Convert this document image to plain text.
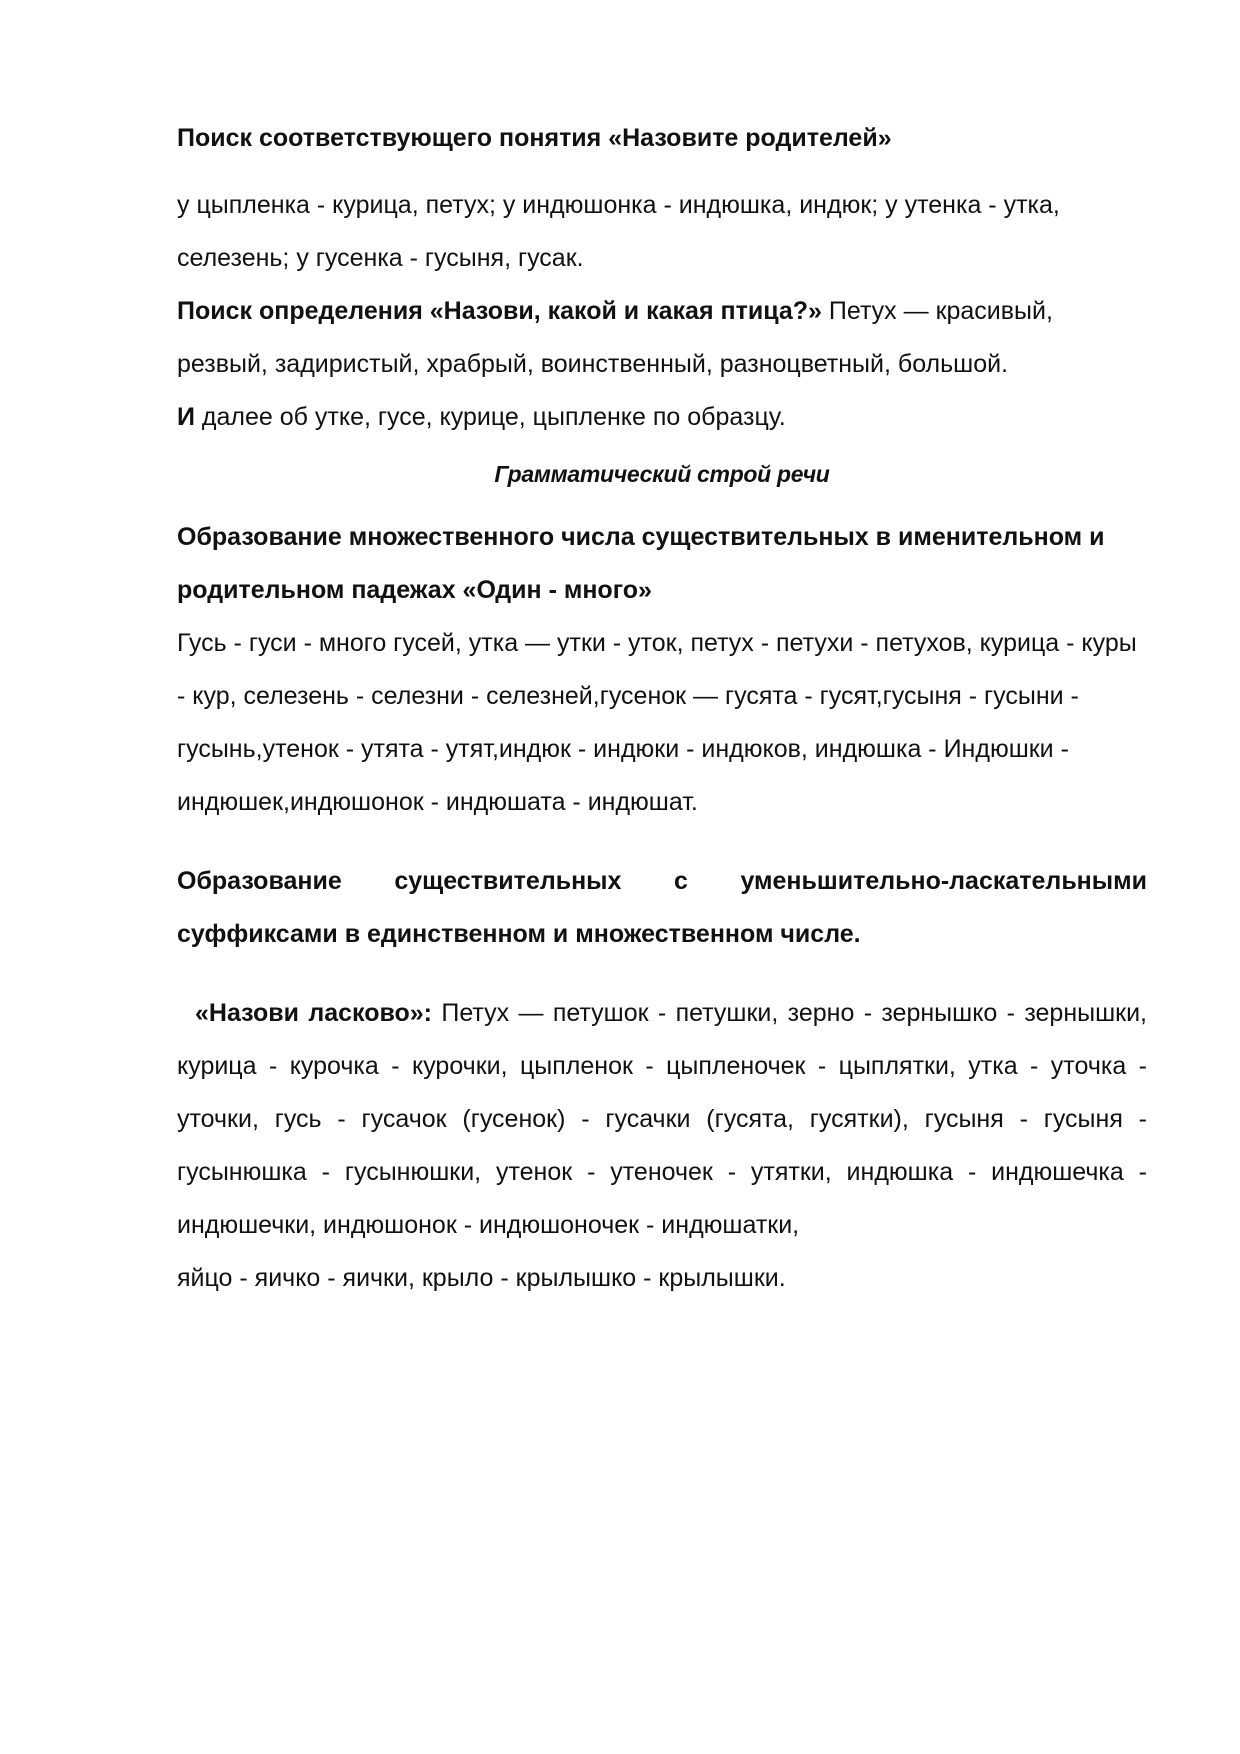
Поиск соответствующего понятия «Назовите родителей»

у цыпленка - курица, петух; у индюшонка - индюшка, индюк; у утенка - утка, селезень; у гусенка - гусыня, гусак.

Поиск определения «Назови, какой и какая птица?» Петух — красивый, резвый, задиристый, храбрый, воинственный, разноцветный, большой.

И далее об утке, гусе, курице, цыпленке по образцу.

Грамматический строй речи

Образование множественного числа существительных в именительном и родительном падежах «Один - много»

Гусь - гуси - много гусей, утка — утки - уток, петух - петухи - петухов, курица - куры - кур, селезень - селезни - селезней,гусенок — гусята - гусят,гусыня - гусыни - гусынь,утенок - утята - утят,индюк - индюки - индюков, индюшка - Индюшки - индюшек,индюшонок - индюшата - индюшат.

Образование существительных с уменьшительно-ласкательными суффиксами в единственном и множественном числе.

«Назови ласково»: Петух — петушок - петушки, зерно - зернышко - зернышки, курица - курочка - курочки, цыпленок - цыпленочек - цыплятки, утка - уточка - уточки, гусь - гусачок (гусенок) - гусачки (гусята, гусятки), гусыня - гусыня - гусынюшка - гусынюшки, утенок - утеночек - утятки, индюшка - индюшечка - индюшечки, индюшонок - индюшоночек - индюшатки,

яйцо - яичко - яички, крыло - крылышко - крылышки.
